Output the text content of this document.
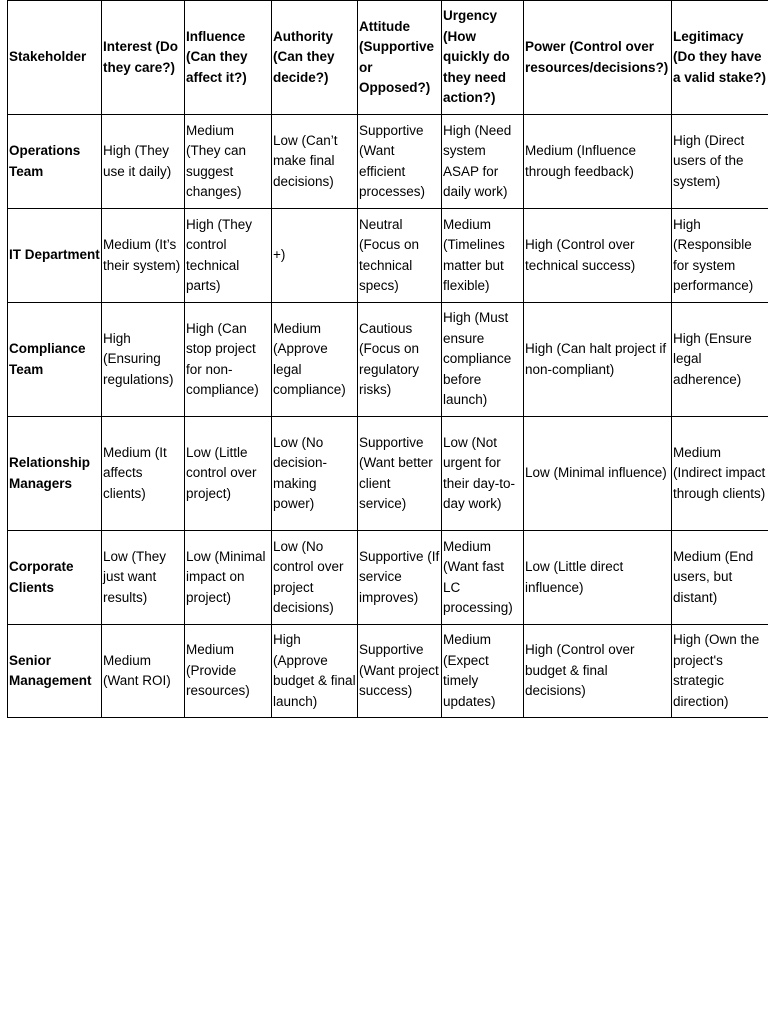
Stakeholder	Interest (Do they care?)	Influence (Can they affect it?)	Authority (Can they decide?)	Attitude (Supportive or Opposed?)	Urgency (How quickly do they need action?)	Power (Control over resources/decisions?)	Legitimacy (Do they have a valid stake?)
Operations Team	High (They use it daily)	Medium (They can suggest changes)	Low (Can’t make final decisions)	Supportive (Want efficient processes)	High (Need system ASAP for daily work)	Medium (Influence through feedback)	High (Direct users of the system)
IT Department	Medium (It’s their system)	High (They control technical parts)	+)	Neutral (Focus on technical specs)	Medium (Timelines matter but flexible)	High (Control over technical success)	High (Responsible for system performance)
Compliance Team	High (Ensuring regulations)	High (Can stop project for non-compliance)	Medium (Approve legal compliance)	Cautious (Focus on regulatory risks)	High (Must ensure compliance before launch)	High (Can halt project if non-compliant)	High (Ensure legal adherence)
Relationship Managers	Medium (It affects clients)	Low (Little control over project)	Low (No decision-making power)	Supportive (Want better client service)	Low (Not urgent for their day-to-day work)	Low (Minimal influence)	Medium (Indirect impact through clients)
Corporate Clients	Low (They just want results)	Low (Minimal impact on project)	Low (No control over project decisions)	Supportive (If service improves)	Medium (Want fast LC processing)	Low (Little direct influence)	Medium (End users, but distant)
Senior Management	Medium (Want ROI)	Medium (Provide resources)	High (Approve budget & final launch)	Supportive (Want project success)	Medium (Expect timely updates)	High (Control over budget & final decisions)	High (Own the project's strategic direction)
